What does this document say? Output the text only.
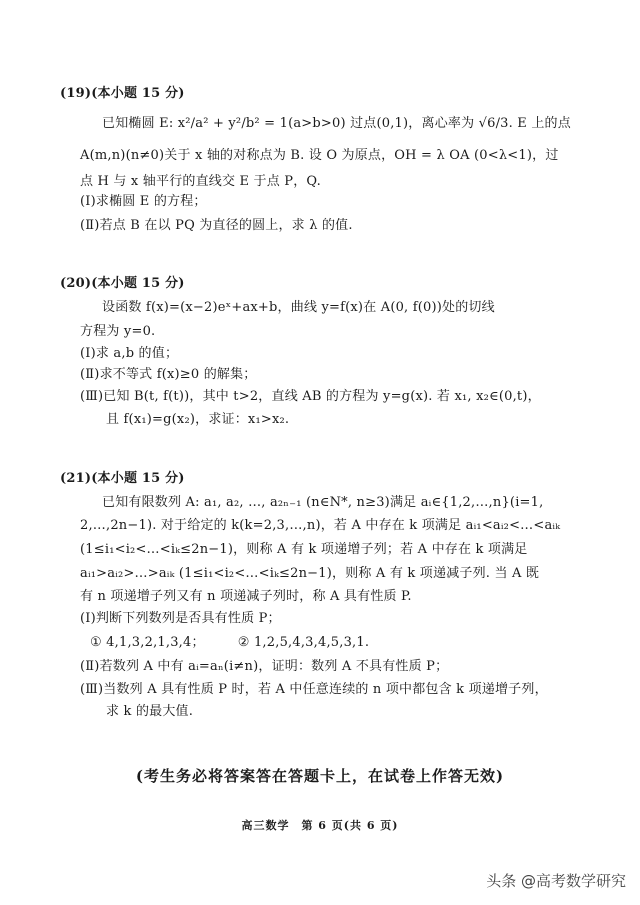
(19)(本小题 15 分)
已知椭圆 E: x²/a² + y²/b² = 1(a>b>0) 过点(0,1)，离心率为 √6/3. E 上的点
A(m,n)(n≠0)关于 x 轴的对称点为 B. 设 O 为原点，OH = λ OA (0<λ<1)，过
点 H 与 x 轴平行的直线交 E 于点 P，Q.
(Ⅰ)求椭圆 E 的方程；
(Ⅱ)若点 B 在以 PQ 为直径的圆上，求 λ 的值.
(20)(本小题 15 分)
设函数 f(x)=(x−2)eˣ+ax+b，曲线 y=f(x)在 A(0, f(0))处的切线
方程为 y=0.
(Ⅰ)求 a,b 的值；
(Ⅱ)求不等式 f(x)≥0 的解集；
(Ⅲ)已知 B(t, f(t))，其中 t>2，直线 AB 的方程为 y=g(x). 若 x₁, x₂∈(0,t)，
且 f(x₁)=g(x₂)，求证：x₁>x₂.
(21)(本小题 15 分)
已知有限数列 A: a₁, a₂, …, a₂ₙ₋₁ (n∈N*, n≥3)满足 aᵢ∈{1,2,…,n}(i=1,
2,…,2n−1). 对于给定的 k(k=2,3,…,n)，若 A 中存在 k 项满足 aᵢ₁<aᵢ₂<…<aᵢₖ
(1≤i₁<i₂<…<iₖ≤2n−1)，则称 A 有 k 项递增子列；若 A 中存在 k 项满足
aᵢ₁>aᵢ₂>…>aᵢₖ (1≤i₁<i₂<…<iₖ≤2n−1)，则称 A 有 k 项递减子列. 当 A 既
有 n 项递增子列又有 n 项递减子列时，称 A 具有性质 P.
(Ⅰ)判断下列数列是否具有性质 P；
① 4,1,3,2,1,3,4；　　　② 1,2,5,4,3,4,5,3,1.
(Ⅱ)若数列 A 中有 aᵢ=aₙ(i≠n)，证明：数列 A 不具有性质 P；
(Ⅲ)当数列 A 具有性质 P 时，若 A 中任意连续的 n 项中都包含 k 项递增子列，
求 k 的最大值.
(考生务必将答案答在答题卡上，在试卷上作答无效)
高三数学　第 6 页(共 6 页)
头条 @高考数学研究
